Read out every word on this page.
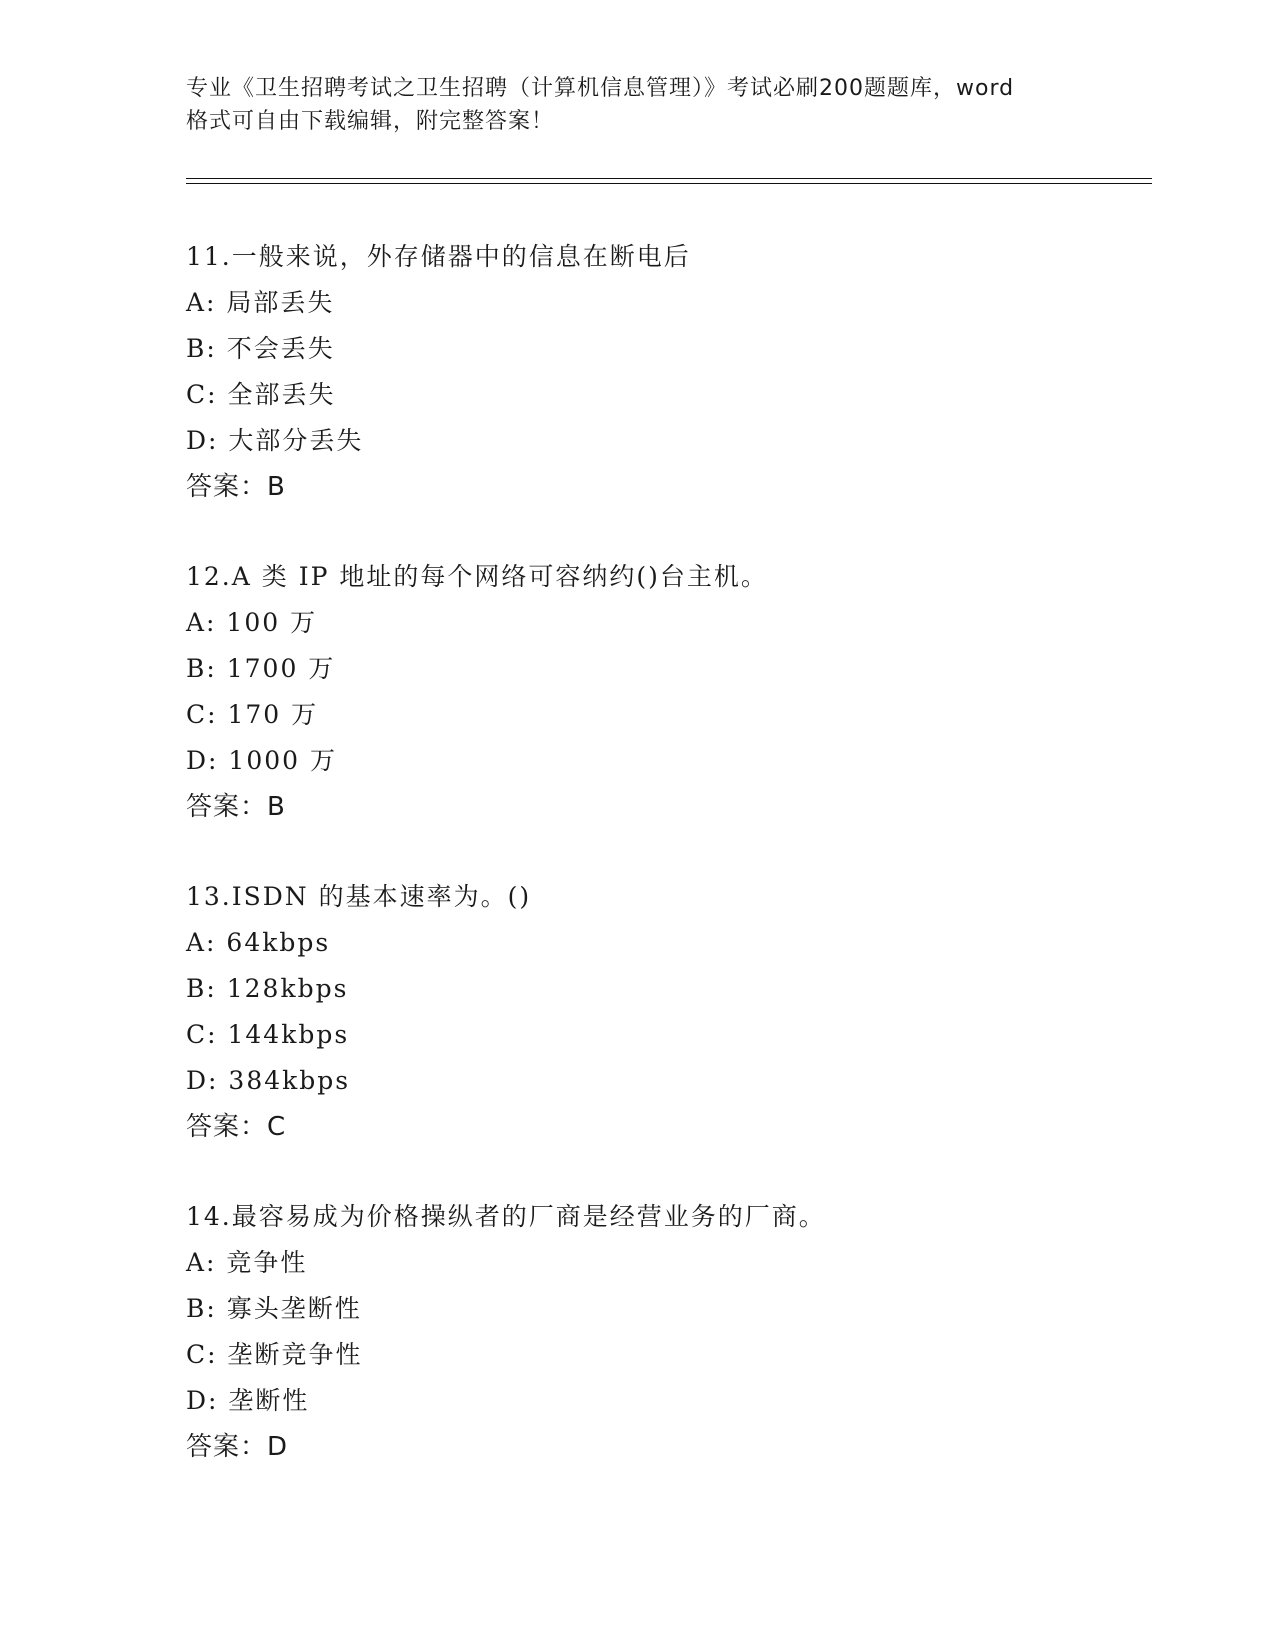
专业《卫生招聘考试之卫生招聘（计算机信息管理）》考试必刷200题题库，word
格式可自由下载编辑，附完整答案！
11.一般来说，外存储器中的信息在断电后
A: 局部丢失
B: 不会丢失
C: 全部丢失
D: 大部分丢失
答案：B
12.A 类 IP 地址的每个网络可容纳约()台主机。
A: 100 万
B: 1700 万
C: 170 万
D: 1000 万
答案：B
13.ISDN 的基本速率为。()
A: 64kbps
B: 128kbps
C: 144kbps
D: 384kbps
答案：C
14.最容易成为价格操纵者的厂商是经营业务的厂商。
A: 竞争性
B: 寡头垄断性
C: 垄断竞争性
D: 垄断性
答案：D
